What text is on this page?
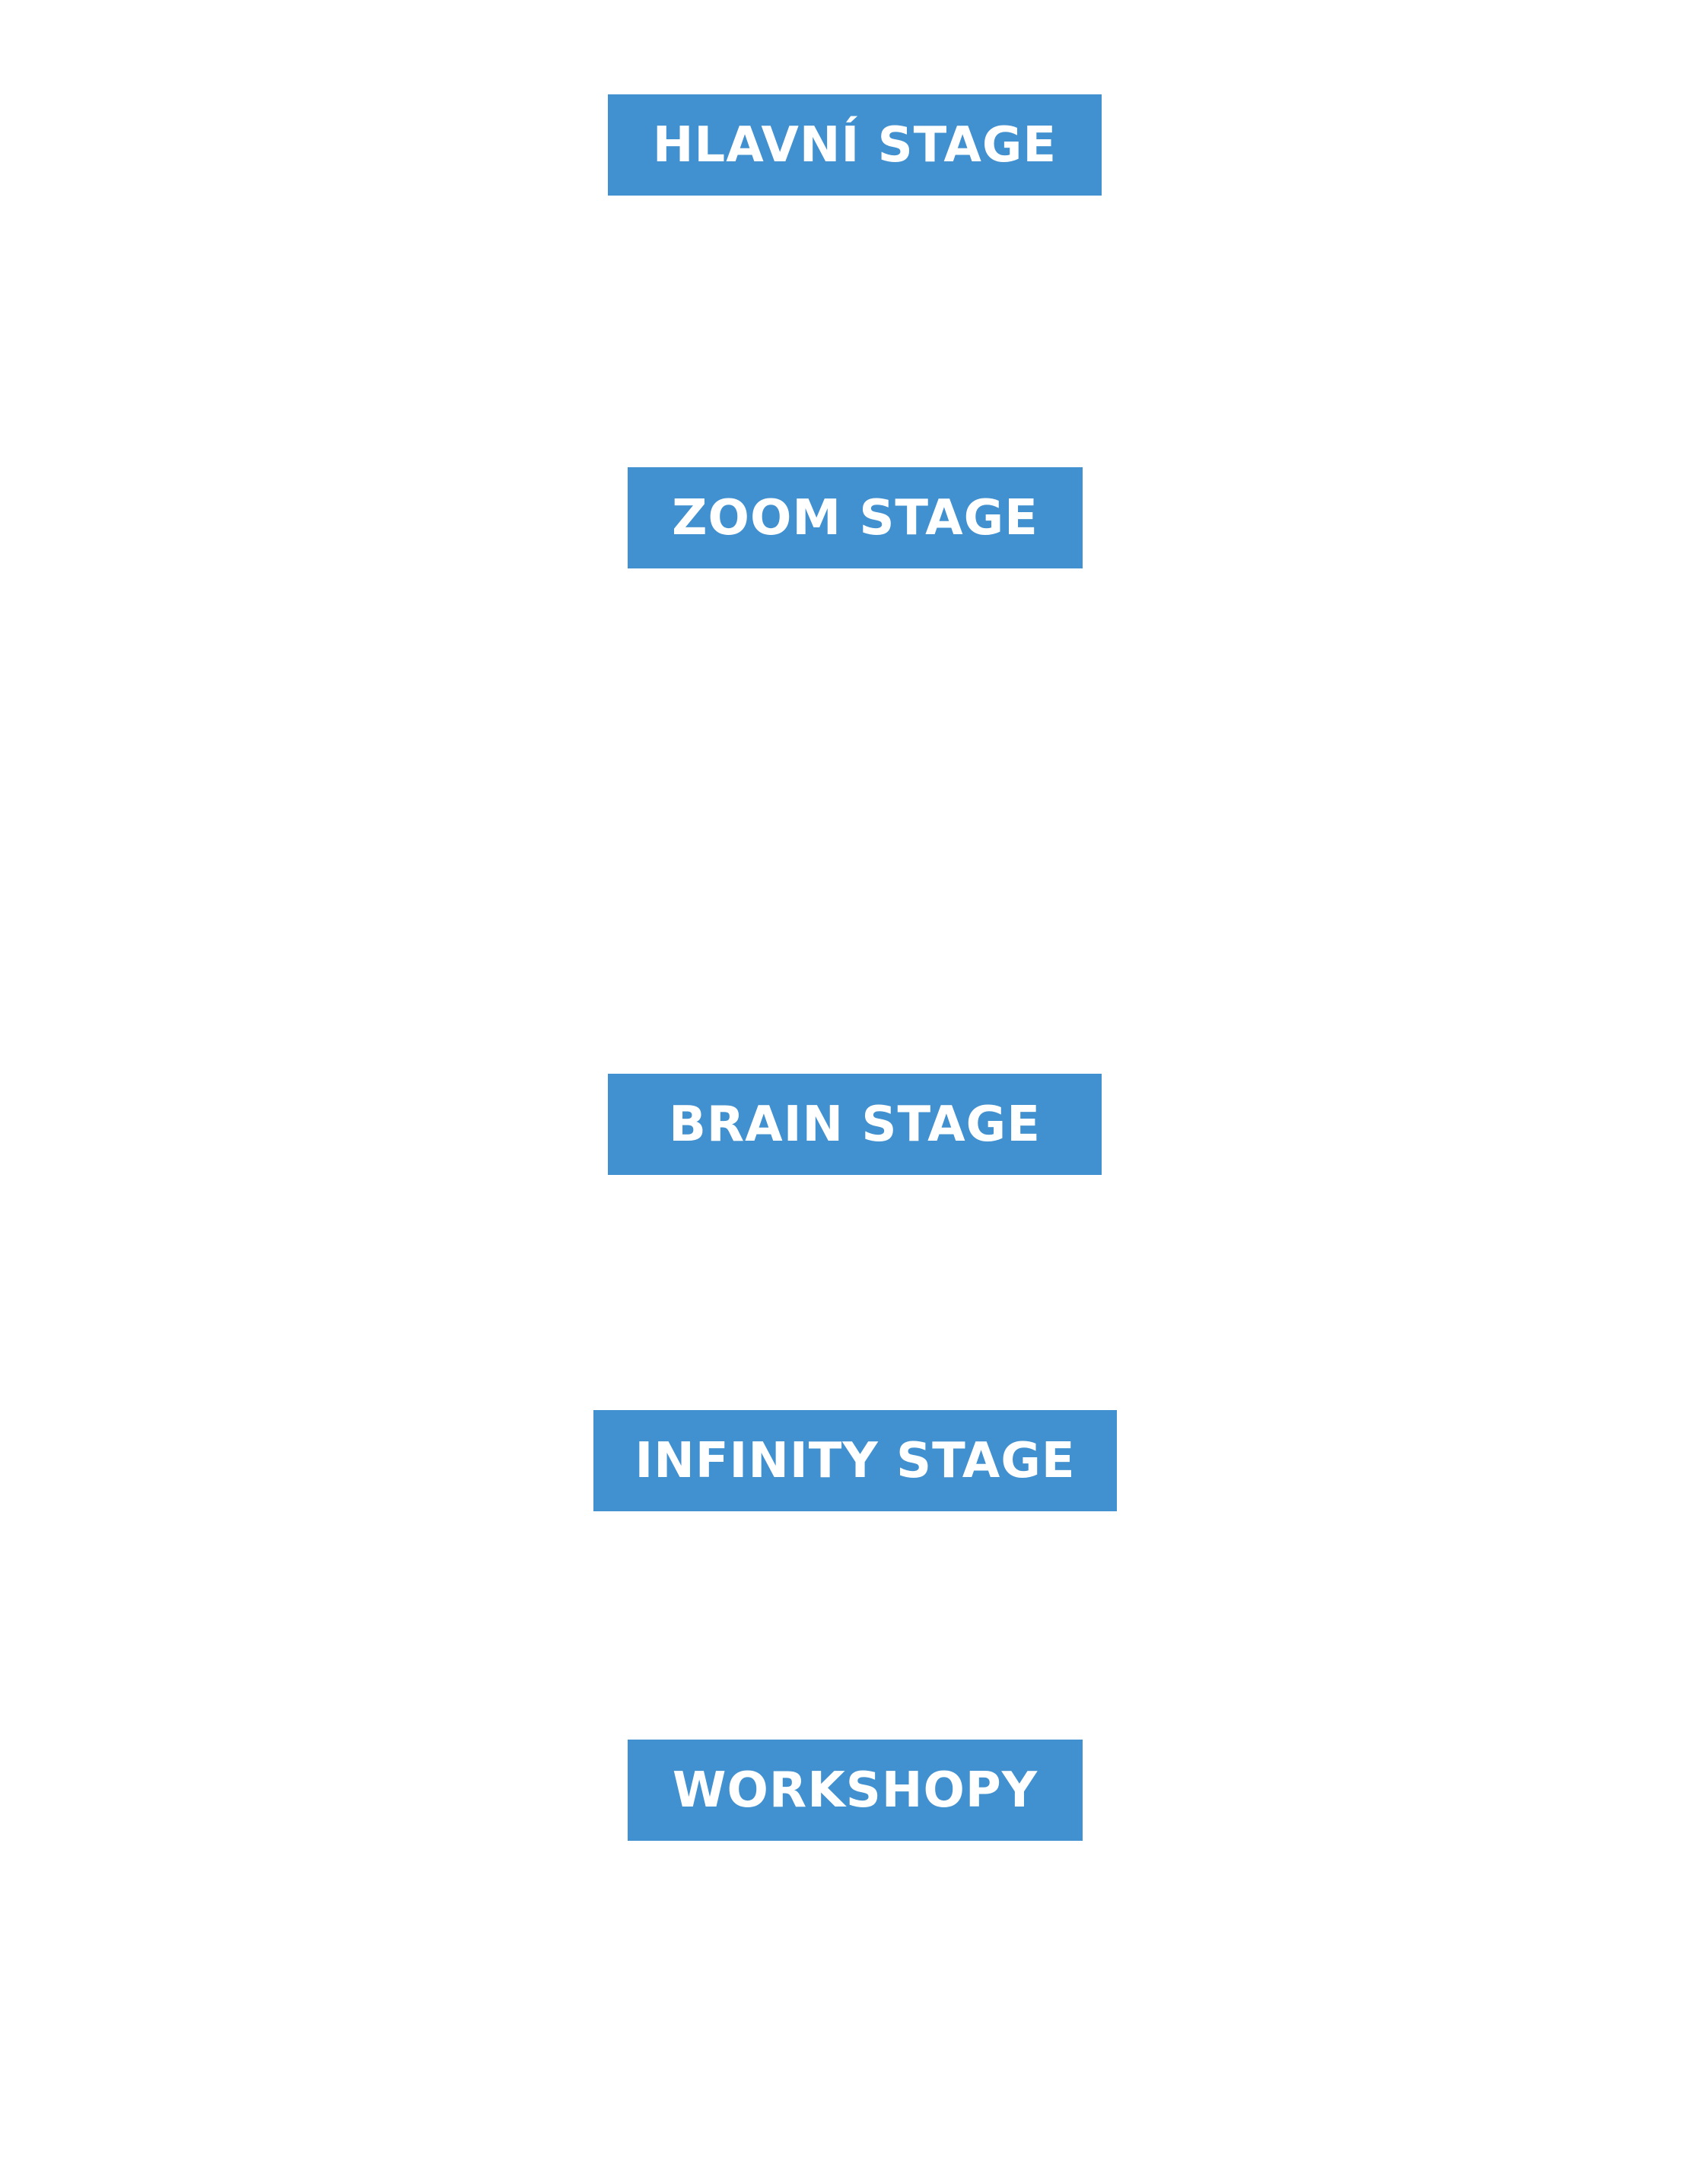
HLAVNÍ STAGE
ZOOM STAGE
BRAIN STAGE
INFINITY STAGE
WORKSHOPY
